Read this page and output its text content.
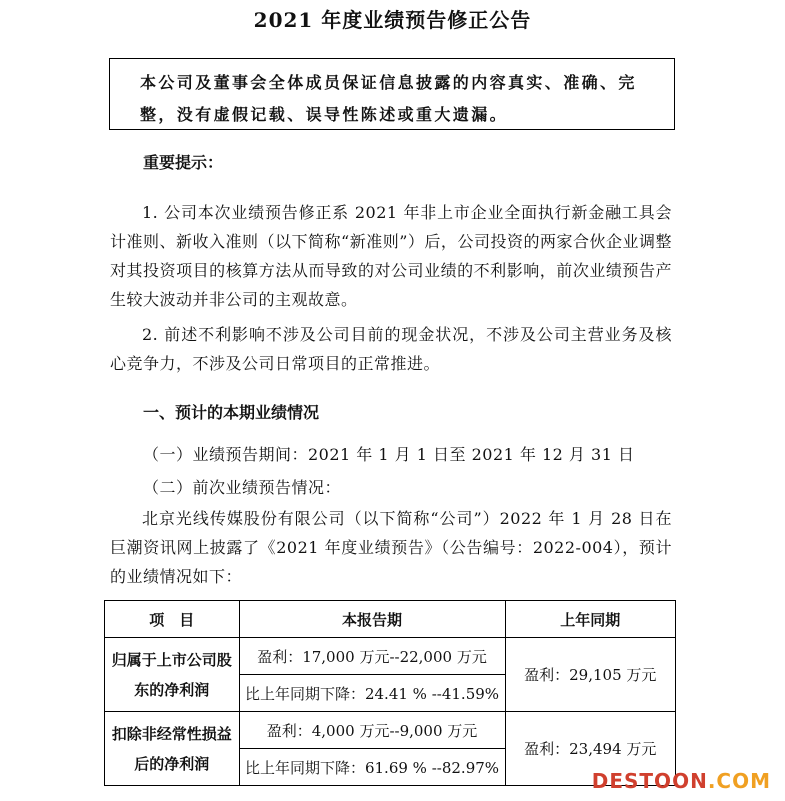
2021 年度业绩预告修正公告
本公司及董事会全体成员保证信息披露的内容真实、准确、完整，没有虚假记载、误导性陈述或重大遗漏。
重要提示：
1. 公司本次业绩预告修正系 2021 年非上市企业全面执行新金融工具会计准则、新收入准则（以下简称“新准则”）后，公司投资的两家合伙企业调整对其投资项目的核算方法从而导致的对公司业绩的不利影响，前次业绩预告产生较大波动并非公司的主观故意。
2. 前述不利影响不涉及公司目前的现金状况，不涉及公司主营业务及核心竞争力，不涉及公司日常项目的正常推进。
一、预计的本期业绩情况
（一）业绩预告期间：2021 年 1 月 1 日至 2021 年 12 月 31 日
（二）前次业绩预告情况：
北京光线传媒股份有限公司（以下简称“公司”）2022 年 1 月 28 日在巨潮资讯网上披露了《2021 年度业绩预告》（公告编号：2022-004），预计的业绩情况如下：
项　目	本报告期	上年同期
归属于上市公司股东的净利润	盈利：17,000 万元--22,000 万元	盈利：29,105 万元
	比上年同期下降：24.41 % --41.59%	
扣除非经常性损益后的净利润	盈利：4,000 万元--9,000 万元	盈利：23,494 万元
	比上年同期下降：61.69 % --82.97%	
DESTOON.COM
